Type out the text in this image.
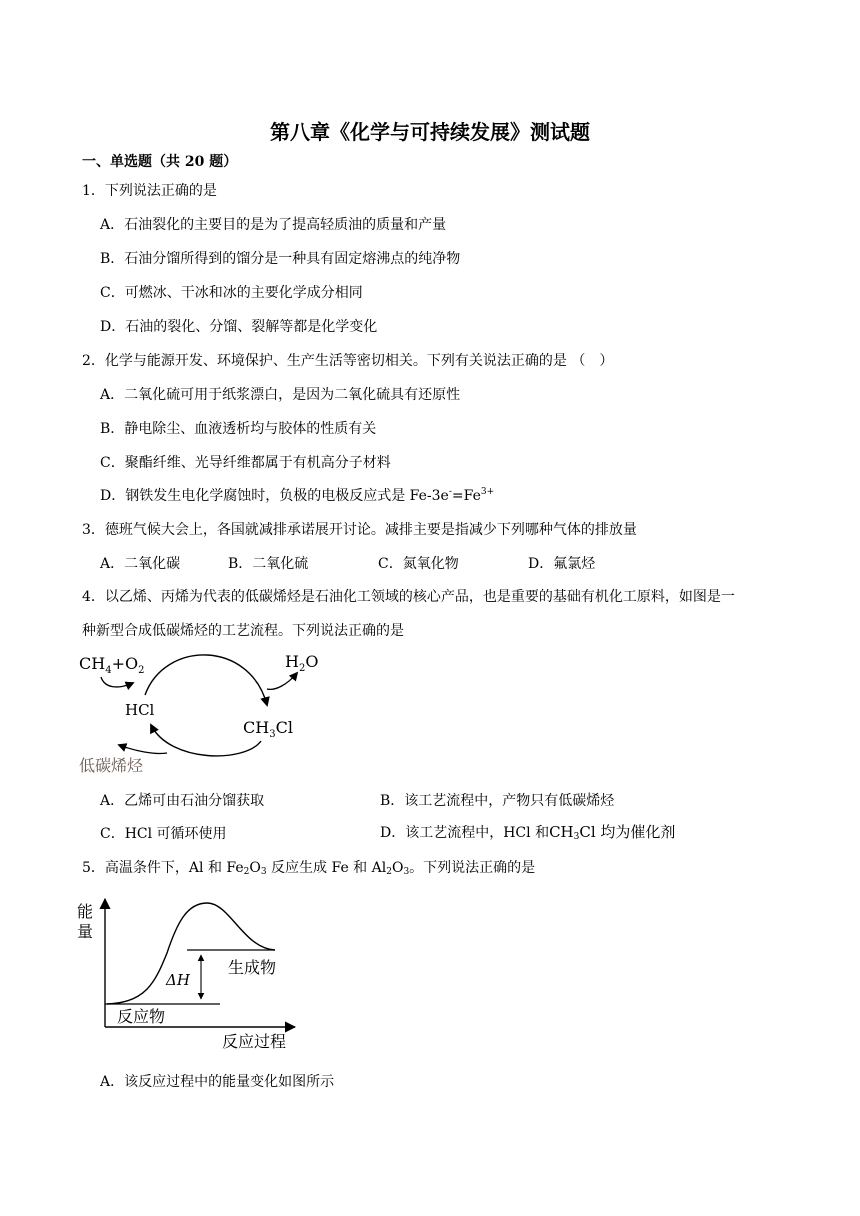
第八章《化学与可持续发展》测试题
一、单选题（共 20 题）
1．下列说法正确的是
A．石油裂化的主要目的是为了提高轻质油的质量和产量
B．石油分馏所得到的馏分是一种具有固定熔沸点的纯净物
C．可燃冰、干冰和冰的主要化学成分相同
D．石油的裂化、分馏、裂解等都是化学变化
2．化学与能源开发、环境保护、生产生活等密切相关。下列有关说法正确的是 （　）
A．二氧化硫可用于纸浆漂白，是因为二氧化硫具有还原性
B．静电除尘、血液透析均与胶体的性质有关
C．聚酯纤维、光导纤维都属于有机高分子材料
D．钢铁发生电化学腐蚀时，负极的电极反应式是 $Fe-3e^-=Fe^{3+}$
3．德班气候大会上，各国就减排承诺展开讨论。减排主要是指减少下列哪种气体的排放量
A．二氧化碳	B．二氧化硫	C．氮氧化物	D．氟氯烃
4．以乙烯、丙烯为代表的低碳烯烃是石油化工领域的核心产品，也是重要的基础有机化工原料，如图是一
种新型合成低碳烯烃的工艺流程。下列说法正确的是
$CH_4+O_2$	$H_2O$
HCl
$CH_3Cl$
低碳烯烃
A．乙烯可由石油分馏获取	B．该工艺流程中，产物只有低碳烯烃
C．HCl 可循环使用	D．该工艺流程中，HCl 和$CH_3Cl$ 均为催化剂
5．高温条件下，Al 和 $Fe_2O_3$ 反应生成 Fe 和 $Al_2O_3$。下列说法正确的是
能
量
反应过程
ΔH
生成物
反应物
A．该反应过程中的能量变化如图所示
